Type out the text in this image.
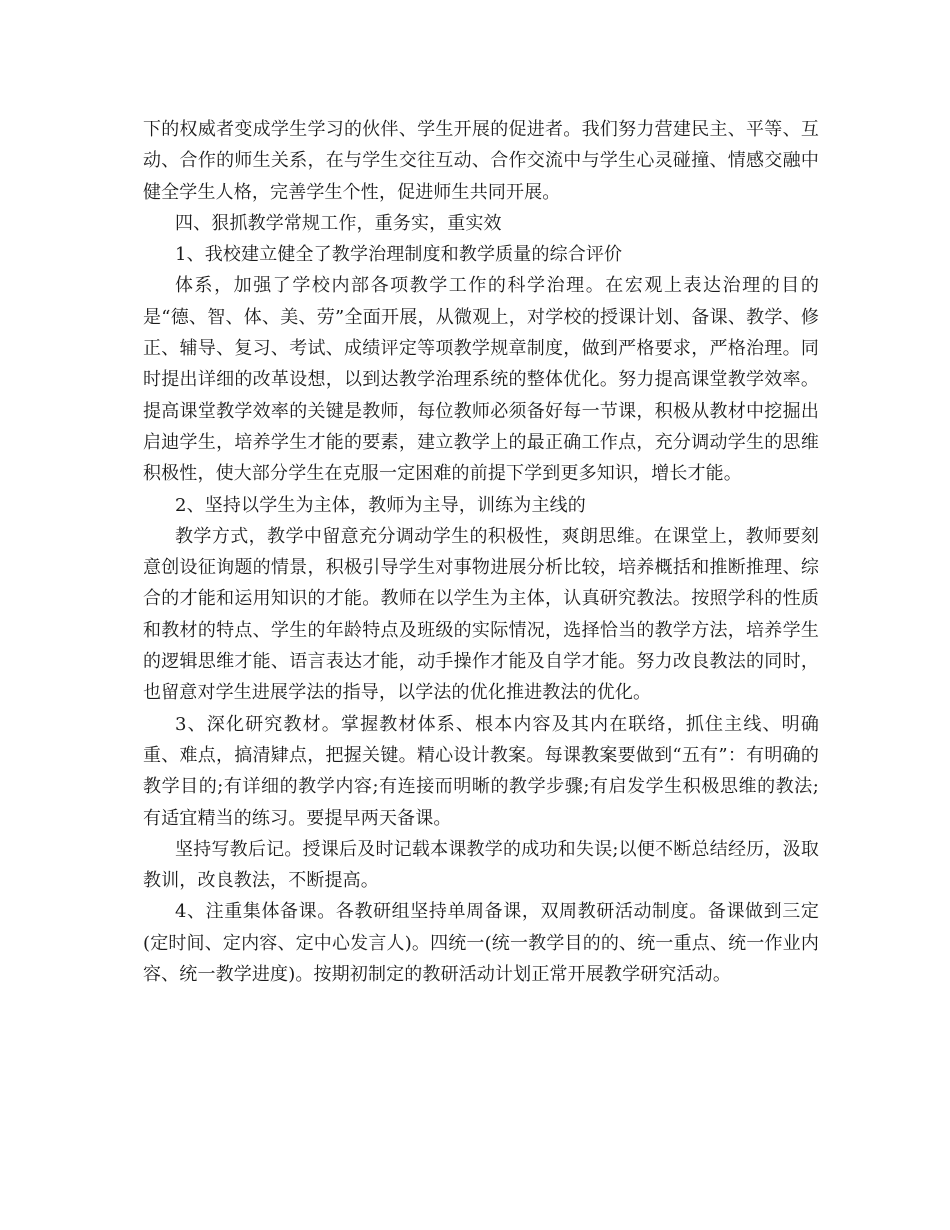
下的权威者变成学生学习的伙伴、学生开展的促进者。我们努力营建民主、平等、互动、合作的师生关系，在与学生交往互动、合作交流中与学生心灵碰撞、情感交融中健全学生人格，完善学生个性，促进师生共同开展。

四、狠抓教学常规工作，重务实，重实效

1、我校建立健全了教学治理制度和教学质量的综合评价

体系，加强了学校内部各项教学工作的科学治理。在宏观上表达治理的目的是“德、智、体、美、劳”全面开展，从微观上，对学校的授课计划、备课、教学、修正、辅导、复习、考试、成绩评定等项教学规章制度，做到严格要求，严格治理。同时提出详细的改革设想，以到达教学治理系统的整体优化。努力提高课堂教学效率。提高课堂教学效率的关键是教师，每位教师必须备好每一节课，积极从教材中挖掘出启迪学生，培养学生才能的要素，建立教学上的最正确工作点，充分调动学生的思维积极性，使大部分学生在克服一定困难的前提下学到更多知识，增长才能。

2、坚持以学生为主体，教师为主导，训练为主线的

教学方式，教学中留意充分调动学生的积极性，爽朗思维。在课堂上，教师要刻意创设征询题的情景，积极引导学生对事物进展分析比较，培养概括和推断推理、综合的才能和运用知识的才能。教师在以学生为主体，认真研究教法。按照学科的性质和教材的特点、学生的年龄特点及班级的实际情况，选择恰当的教学方法，培养学生的逻辑思维才能、语言表达才能，动手操作才能及自学才能。努力改良教法的同时，也留意对学生进展学法的指导，以学法的优化推进教法的优化。

3、深化研究教材。掌握教材体系、根本内容及其内在联络，抓住主线、明确重、难点，搞清肄点，把握关键。精心设计教案。每课教案要做到“五有”：有明确的教学目的;有详细的教学内容;有连接而明晰的教学步骤;有启发学生积极思维的教法;有适宜精当的练习。要提早两天备课。

坚持写教后记。授课后及时记载本课教学的成功和失误;以便不断总结经历，汲取教训，改良教法，不断提高。

4、注重集体备课。各教研组坚持单周备课，双周教研活动制度。备课做到三定(定时间、定内容、定中心发言人)。四统一(统一教学目的的、统一重点、统一作业内容、统一教学进度)。按期初制定的教研活动计划正常开展教学研究活动。
